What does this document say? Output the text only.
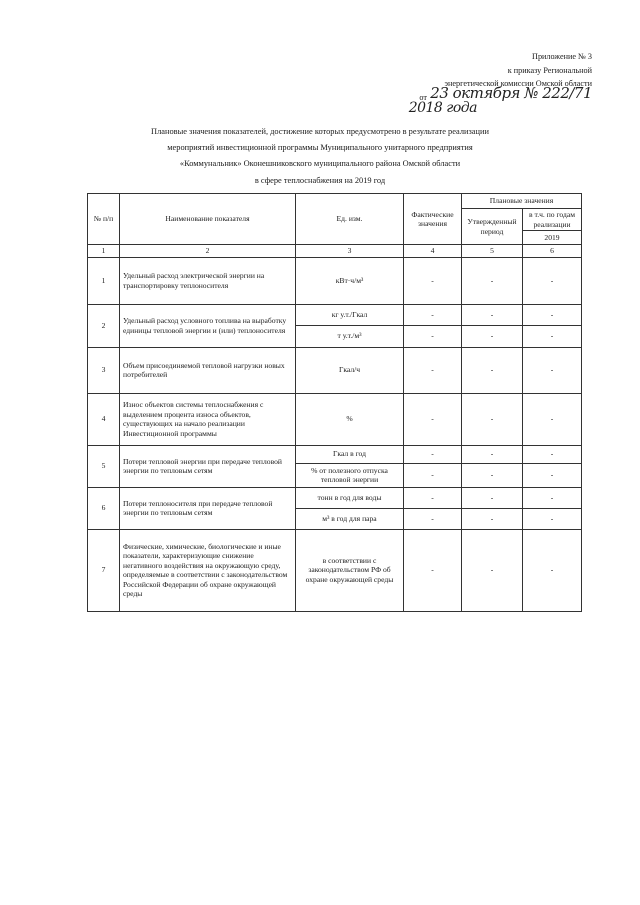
Приложение № 3
к приказу Региональной
энергетической комиссии Омской области
от 23 октября № 222/71
2018 года
Плановые значения показателей, достижение которых предусмотрено в результате реализации
мероприятий инвестиционной программы Муниципального унитарного предприятия
«Коммунальник» Оконешниковского муниципального района Омской области
в сфере теплоснабжения на 2019 год
№ п/п	Наименование показателя	Ед. изм.	Фактические значения	Плановые значения	
				Утвержденный период	в т.ч. по годам реализации
					2019
1	2	3	4	5	6
1	Удельный расход электрической энергии на транспортировку теплоносителя	кВт·ч/м³	-	-	-
2	Удельный расход условного топлива на выработку единицы тепловой энергии и (или) теплоносителя	кг у.т./Гкал	-	-	-
		т у.т./м³	-	-	-
3	Объем присоединяемой тепловой нагрузки новых потребителей	Гкал/ч	-	-	-
4	Износ объектов системы теплоснабжения с выделением процента износа объектов, существующих на начало реализации Инвестиционной программы	%	-	-	-
5	Потери тепловой энергии при передаче тепловой энергии по тепловым сетям	Гкал в год	-	-	-
		% от полезного отпуска тепловой энергии	-	-	-
6	Потери теплоносителя при передаче тепловой энергии по тепловым сетям	тонн в год для воды	-	-	-
		м³ в год для пара	-	-	-
7	Физические, химические, биологические и иные показатели, характеризующие снижение негативного воздействия на окружающую среду, определяемые в соответствии с законодательством Российской Федерации об охране окружающей среды	в соответствии с законодательством РФ об охране окружающей среды	-	-	-
